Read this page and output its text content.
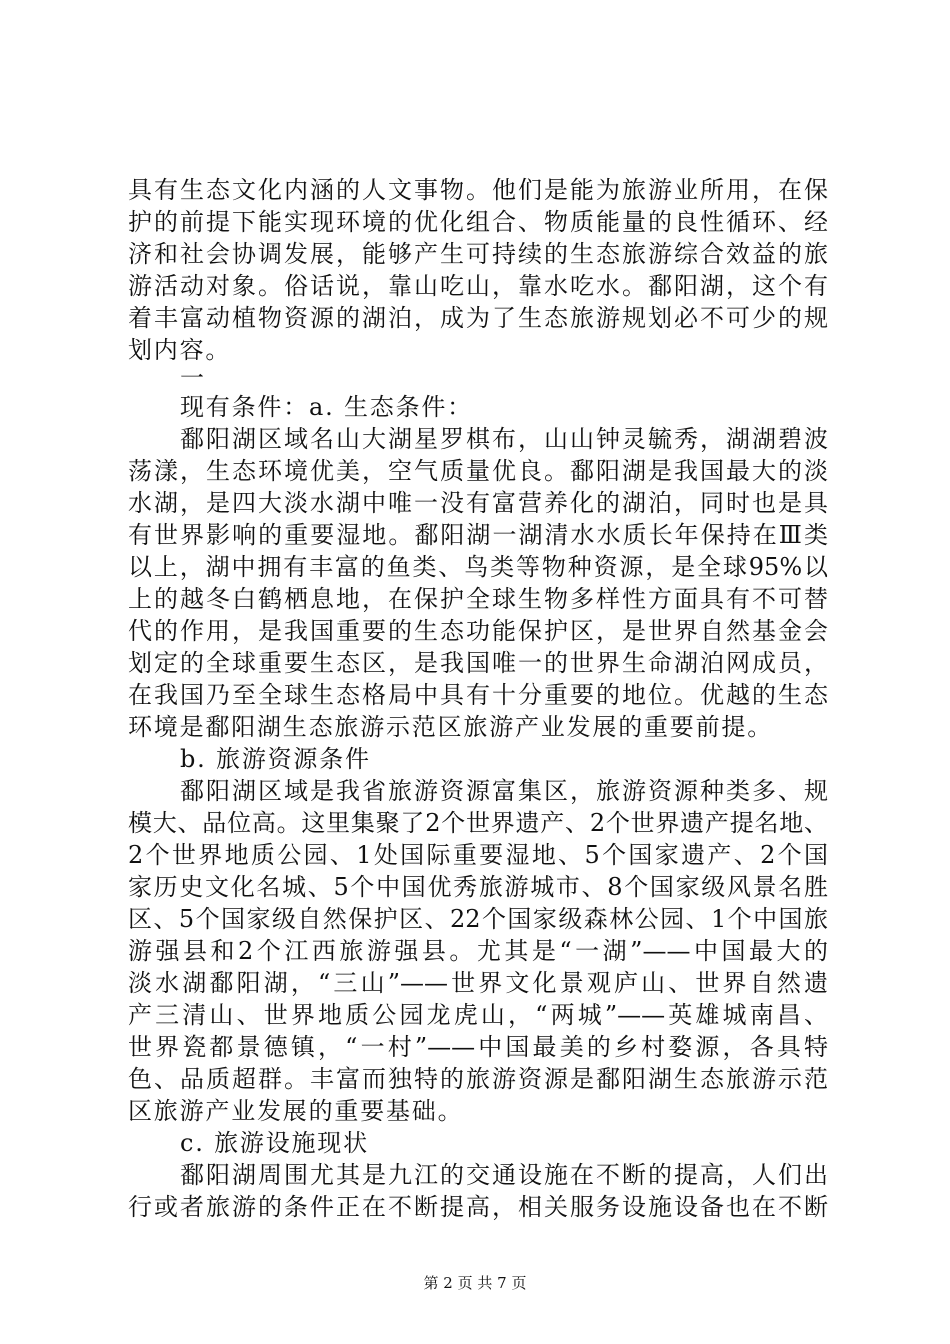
具有生态文化内涵的人文事物。他们是能为旅游业所用，在保
护的前提下能实现环境的优化组合、物质能量的良性循环、经
济和社会协调发展，能够产生可持续的生态旅游综合效益的旅
游活动对象。俗话说，靠山吃山，靠水吃水。鄱阳湖，这个有
着丰富动植物资源的湖泊，成为了生态旅游规划必不可少的规
划内容。
一
现有条件：a. 生态条件：
鄱阳湖区域名山大湖星罗棋布，山山钟灵毓秀，湖湖碧波
荡漾，生态环境优美，空气质量优良。鄱阳湖是我国最大的淡
水湖，是四大淡水湖中唯一没有富营养化的湖泊，同时也是具
有世界影响的重要湿地。鄱阳湖一湖清水水质长年保持在Ⅲ类
以上，湖中拥有丰富的鱼类、鸟类等物种资源，是全球95%以
上的越冬白鹤栖息地，在保护全球生物多样性方面具有不可替
代的作用，是我国重要的生态功能保护区，是世界自然基金会
划定的全球重要生态区，是我国唯一的世界生命湖泊网成员，
在我国乃至全球生态格局中具有十分重要的地位。优越的生态
环境是鄱阳湖生态旅游示范区旅游产业发展的重要前提。
b. 旅游资源条件
鄱阳湖区域是我省旅游资源富集区，旅游资源种类多、规
模大、品位高。这里集聚了2个世界遗产、2个世界遗产提名地、
2个世界地质公园、1处国际重要湿地、5个国家遗产、2个国
家历史文化名城、5个中国优秀旅游城市、8个国家级风景名胜
区、5个国家级自然保护区、22个国家级森林公园、1个中国旅
游强县和2个江西旅游强县。尤其是“一湖”——中国最大的
淡水湖鄱阳湖，“三山”——世界文化景观庐山、世界自然遗
产三清山、世界地质公园龙虎山，“两城”——英雄城南昌、
世界瓷都景德镇，“一村”——中国最美的乡村婺源，各具特
色、品质超群。丰富而独特的旅游资源是鄱阳湖生态旅游示范
区旅游产业发展的重要基础。
c. 旅游设施现状
鄱阳湖周围尤其是九江的交通设施在不断的提高，人们出
行或者旅游的条件正在不断提高，相关服务设施设备也在不断
第 2 页 共 7 页
